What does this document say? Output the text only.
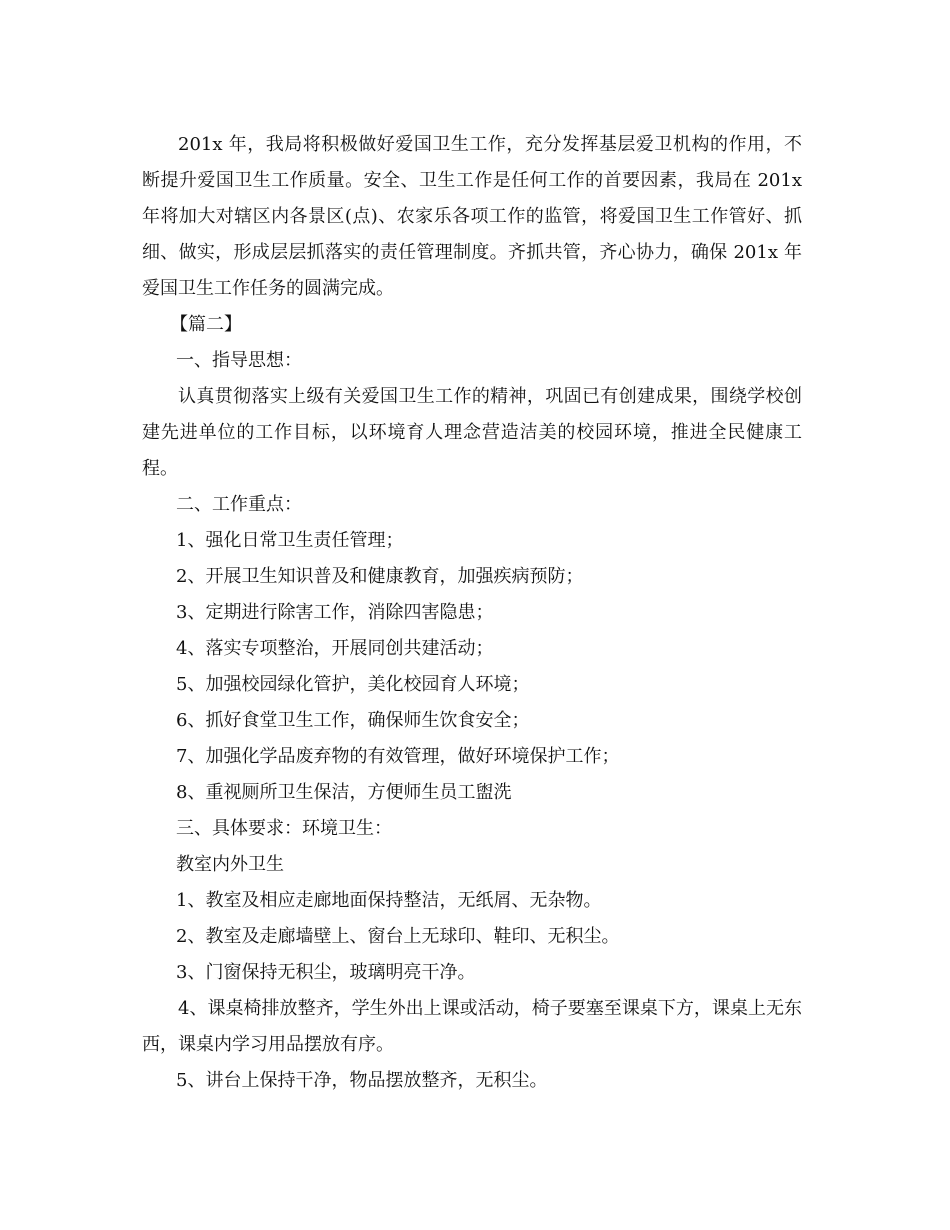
201x 年，我局将积极做好爱国卫生工作，充分发挥基层爱卫机构的作用，不断提升爱国卫生工作质量。安全、卫生工作是任何工作的首要因素，我局在 201x 年将加大对辖区内各景区(点)、农家乐各项工作的监管，将爱国卫生工作管好、抓细、做实，形成层层抓落实的责任管理制度。齐抓共管，齐心协力，确保 201x 年爱国卫生工作任务的圆满完成。

【篇二】

一、指导思想：

认真贯彻落实上级有关爱国卫生工作的精神，巩固已有创建成果，围绕学校创建先进单位的工作目标，以环境育人理念营造洁美的校园环境，推进全民健康工程。

二、工作重点：

1、强化日常卫生责任管理；

2、开展卫生知识普及和健康教育，加强疾病预防；

3、定期进行除害工作，消除四害隐患；

4、落实专项整治，开展同创共建活动；

5、加强校园绿化管护，美化校园育人环境；

6、抓好食堂卫生工作，确保师生饮食安全；

7、加强化学品废弃物的有效管理，做好环境保护工作；

8、重视厕所卫生保洁，方便师生员工盥洗

三、具体要求：环境卫生：

教室内外卫生

1、教室及相应走廊地面保持整洁，无纸屑、无杂物。

2、教室及走廊墙壁上、窗台上无球印、鞋印、无积尘。

3、门窗保持无积尘，玻璃明亮干净。

4、课桌椅排放整齐，学生外出上课或活动，椅子要塞至课桌下方，课桌上无东西，课桌内学习用品摆放有序。

5、讲台上保持干净，物品摆放整齐，无积尘。
